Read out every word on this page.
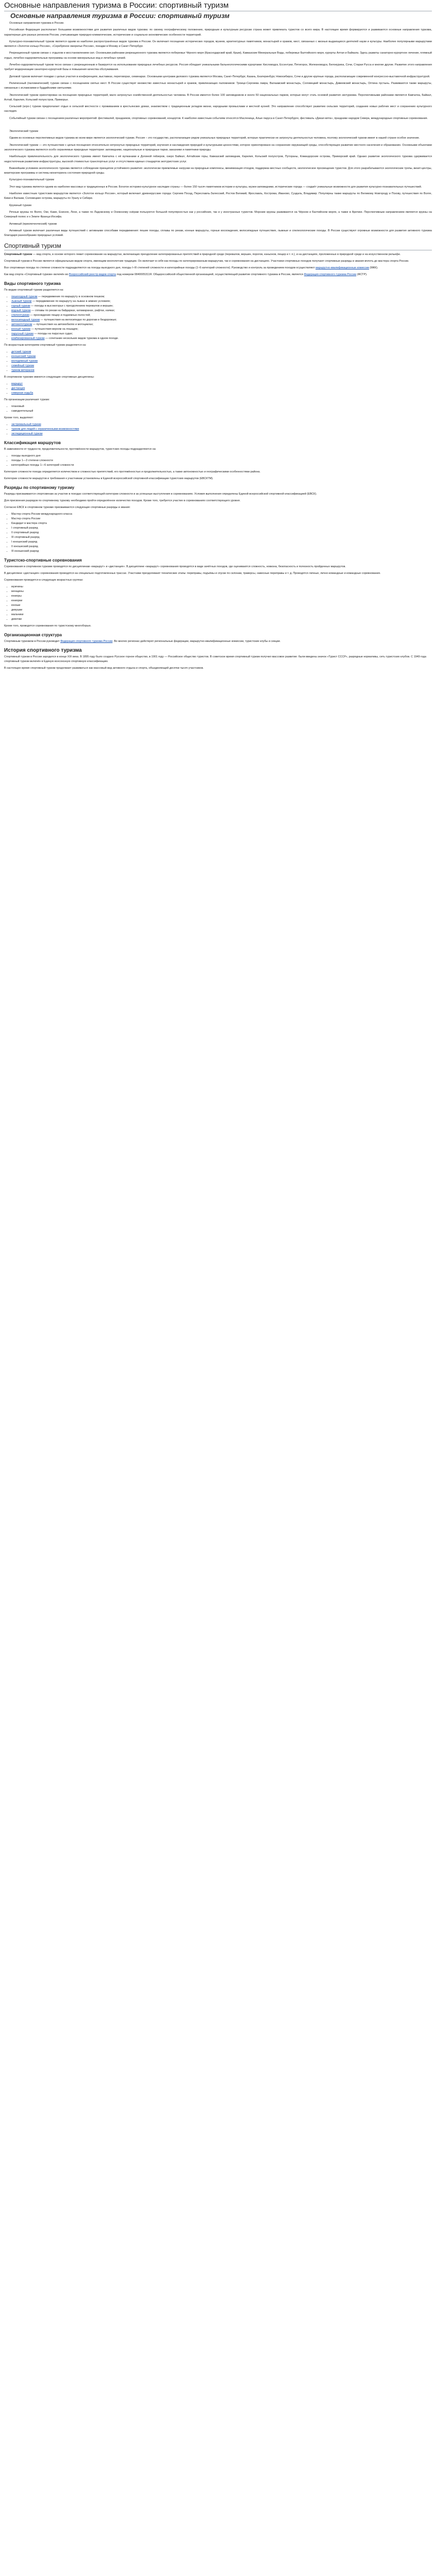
Основные направления туризма в России: спортивный туризм
Основные направления туризма в России: спортивный туризм

Основные направления туризма в России.

Российская Федерация располагает большими возможностями для развития различных видов туризма: по своему географическому положению, природным и культурным ресурсам страна может привлекать туристов со всего мира. В настоящее время формируются и развиваются основные направления туризма, характерные для разных регионов России, учитывающие природно-климатические, исторические и социально-экономические особенности территорий.

Культурно-познавательный туризм является одним из наиболее распространённых видов туризма в России. Он включает посещение исторических городов, музеев, архитектурных памятников, монастырей и храмов, мест, связанных с жизнью выдающихся деятелей науки и культуры. Наиболее популярными маршрутами являются «Золотое кольцо России», «Серебряное ожерелье России», поездки в Москву и Санкт-Петербург.

Рекреационный туризм связан с отдыхом и восстановлением сил. Основными районами рекреационного туризма являются побережье Чёрного моря (Краснодарский край, Крым), Кавказские Минеральные Воды, побережье Балтийского моря, курорты Алтая и Байкала. Здесь развиты санаторно-курортное лечение, пляжный отдых, лечебно-оздоровительные программы на основе минеральных вод и лечебных грязей.

Лечебно-оздоровительный туризм тесно связан с рекреационным и базируется на использовании природных лечебных ресурсов. Россия обладает уникальными бальнеологическими курортами: Кисловодск, Ессентуки, Пятигорск, Железноводск, Белокуриха, Сочи, Старая Русса и многие другие. Развитие этого направления требует модернизации санаторно-курортной базы и повышения качества обслуживания.

Деловой туризм включает поездки с целью участия в конференциях, выставках, переговорах, семинарах. Основными центрами делового туризма являются Москва, Санкт-Петербург, Казань, Екатеринбург, Новосибирск, Сочи и другие крупные города, располагающие современной конгрессно-выставочной инфраструктурой.

Религиозный (паломнический) туризм связан с посещением святых мест. В России существует множество известных монастырей и храмов, привлекающих паломников: Троице-Сергиева лавра, Валаамский монастырь, Соловецкий монастырь, Дивеевский монастырь, Оптина пустынь. Развиваются также маршруты, связанные с исламскими и буддийскими святынями.

Экологический туризм ориентирован на посещение природных территорий, мало затронутых хозяйственной деятельностью человека. В России имеется более 100 заповедников и около 50 национальных парков, которые могут стать основой развития экотуризма. Перспективными районами являются Камчатка, Байкал, Алтай, Карелия, Кольский полуостров, Приморье.

Сельский (агро-) туризм предполагает отдых в сельской местности с проживанием в крестьянских домах, знакомством с традиционным укладом жизни, народными промыслами и местной кухней. Это направление способствует развитию сельских территорий, созданию новых рабочих мест и сохранению культурного наследия.

Событийный туризм связан с посещением различных мероприятий: фестивалей, праздников, спортивных соревнований, концертов. К наиболее известным событиям относятся Масленица, Алые паруса в Санкт-Петербурге, фестиваль «Дикая мята», праздники народов Севера, международные спортивные соревнования.

Экологический туризм

Одним из основных перспективных видов туризма во всем мире является экологический туризм. Россия – это государство, располагающее рядом уникальных природных территорий, которые практически не затронуты деятельностью человека, поэтому экологический туризм имеет в нашей стране особое значение.

Экологический туризм — это путешествие с целью посещения относительно нетронутых природных территорий, изучения и наслаждения природой и культурными ценностями, которое ориентировано на сохранение окружающей среды, способствующее развитию местного населения и образованию. Основными объектами экологического туризма являются особо охраняемые природные территории: заповедники, национальные и природные парки, заказники и памятники природы.

Наибольшую привлекательность для экологического туризма имеют Камчатка с её вулканами и Долиной гейзеров, озеро Байкал, Алтайские горы, Кавказский заповедник, Карелия, Кольский полуостров, Путораны, Командорские острова, Приморский край. Однако развитие экологического туризма сдерживается недостаточным развитием инфраструктуры, высокой стоимостью транспортных услуг и отсутствием единых стандартов экотуристских услуг.

Важнейшим условием экологического туризма является соблюдение принципов устойчивого развития: экологически приемлемые нагрузки на природные комплексы, минимизация отходов, поддержка местных сообществ, экологическое просвещение туристов. Для этого разрабатываются экологические тропы, визит-центры, визитерские программы и системы мониторинга состояния природной среды.

Культурно-познавательный туризм

Этот вид туризма является одним из наиболее массовых и традиционных в России. Богатое историко-культурное наследие страны — более 150 тысяч памятников истории и культуры, музеи-заповедники, исторические города — создаёт уникальные возможности для развития культурно-познавательных путешествий.

Наиболее известным туристским маршрутом является «Золотое кольцо России», который включает древнерусские города: Сергиев Посад, Переславль-Залесский, Ростов Великий, Ярославль, Кострома, Иваново, Суздаль, Владимир. Популярны также маршруты по Великому Новгороду и Пскову, путешествия по Волге, Кижи и Валаам, Соловецкие острова, маршруты по Уралу и Сибири.

Круизный туризм

Речные круизы по Волге, Оке, Каме, Енисею, Лене, а также по Ладожскому и Онежскому озёрам пользуются большой популярностью как у российских, так и у иностранных туристов. Морские круизы развиваются на Чёрном и Балтийском морях, а также в Арктике. Перспективным направлением являются круизы на Северный полюс и к Земле Франца-Иосифа.

Активный (приключенческий) туризм

Активный туризм включает различные виды путешествий с активными способами передвижения: пешие походы, сплавы по рекам, конные маршруты, горные восхождения, велосипедные путешествия, лыжные и спелеологические походы. В России существуют огромные возможности для развития активного туризма благодаря разнообразию природных условий.

Спортивный туризм

Спортивный туризм — вид спорта, в основе которого лежит соревнование на маршрутах, включающих преодоление категорированных препятствий в природной среде (перевалов, вершин, порогов, каньонов, пещер и т. п.), и на дистанциях, проложенных в природной среде и на искусственном рельефе.

Спортивный туризм в России является официальным видом спорта, имеющим многолетние традиции. Он включает в себя как походы по категорированным маршрутам, так и соревнования на дистанциях. Участники спортивных походов получают спортивные разряды и звания вплоть до мастера спорта России.

Все спортивные походы по степени сложности подразделяются на походы выходного дня, походы I–III степеней сложности и категорийные походы (1–6 категорий сложности). Руководство и контроль за проведением походов осуществляют маршрутно-квалификационные комиссии (МКК).

Как вид спорта «Спортивный туризм» включён во Всероссийский реестр видов спорта под номером 0840005311Я. Общероссийской общественной организацией, осуществляющей развитие спортивного туризма в России, является Федерация спортивного туризма России (ФСТР).

Виды спортивного туризма

По видам спортивный туризм разделяется на:

• пешеходный туризм — передвижение по маршруту в основном пешком;
• лыжный туризм — передвижение по маршруту на лыжах в зимних условиях;
• горный туризм — походы в высокогорье с преодолением перевалов и вершин;
• водный туризм — сплавы по рекам на байдарках, катамаранах, рафтах, каяках;
• спелеотуризм — прохождение пещер и подземных полостей;
• велосипедный туризм — путешествия на велосипедах по дорогам и бездорожью;
• автомототуризм — путешествия на автомобилях и мотоциклах;
• конный туризм — путешествия верхом на лошадях;
• парусный туризм — походы на парусных судах;
• комбинированный туризм — сочетание нескольких видов туризма в одном походе.

По возрастным категориям спортивный туризм разделяется на:

• детский туризм
• юношеский туризм
• молодёжный туризм
• семейный туризм
• туризм ветеранов

В спортивном туризме имеются следующие спортивные дисциплины:

• маршрут
• дистанция
• северная ходьба

По организации различают туризм:

• плановый
• самодеятельный

Кроме того, выделяют:

• экстремальный туризм
• туризм для людей с ограниченными возможностями
• экспедиционный туризм
Классификация маршрутов

В зависимости от трудности, продолжительности, протяжённости маршрутов, туристских походы подразделяются на:

• походы выходного дня
• походы 1—3 степени сложности
• категорийные походы 1—6 категорий сложности

Категория сложности похода определяется количеством и сложностью препятствий, его протяжённостью и продолжительностью, а также автономностью и географическими особенностями района.

Категории сложности маршрутов и требования к участникам установлены в Единой всероссийской спортивной классификации туристских маршрутов (ЕВСКТМ).

Разряды по спортивному туризму

Разряды присваиваются спортсменам за участие в походах соответствующей категории сложности и за успешные выступления в соревнованиях. Условия выполнения определены Единой всероссийской спортивной классификацией (ЕВСК).

Для присвоения разрядов по спортивному туризму необходимо пройти определённое количество походов. Кроме того, требуется участие в соревнованиях соответствующего уровня.

Согласно ЕВСК в спортивном туризме присваиваются следующие спортивные разряды и звания:

• Мастер спорта России международного класса
• Мастер спорта России
• Кандидат в мастера спорта
• I спортивный разряд
• II спортивный разряд
• III спортивный разряд
• I юношеский разряд
• II юношеский разряд
• III юношеский разряд
Туристско-спортивные соревнования

Соревнования в спортивном туризме проводятся по дисциплинам «маршрут» и «дистанция». В дисциплине «маршрут» соревнования проводятся в виде зачётных походов, где оцениваются сложность, новизна, безопасность и полезность пройденных маршрутов.

В дисциплине «дистанция» соревнования проводятся на специально подготовленных трассах. Участники преодолевают технические этапы: переправы, подъёмы и спуски по склонам, траверсы, навесные переправы и т. д. Проводятся личные, лично-командные и командные соревнования.

Соревнования проводятся в следующих возрастных группах:

• мужчины
• женщины
• юниоры
• юниорки
• юноши
• девушки
• мальчики
• девочки

Кроме того, проводятся соревнования по туристскому многоборью.

Организационная структура

Спортивным туризмом в России руководит Федерация спортивного туризма России. Во многих регионах действуют региональные федерации, маршрутно-квалификационные комиссии, туристские клубы и секции.

История спортивного туризма

Спортивный туризм в России зародился в конце XIX века. В 1895 году было создано Русское горное общество, в 1901 году — Российское общество туристов. В советское время спортивный туризм получил массовое развитие: были введены значок «Турист СССР», разрядные нормативы, сеть туристских клубов. С 1949 года спортивный туризм включён в Единую всесоюзную спортивную классификацию.

В настоящее время спортивный туризм продолжает развиваться как массовый вид активного отдыха и спорта, объединяющий десятки тысяч участников.
